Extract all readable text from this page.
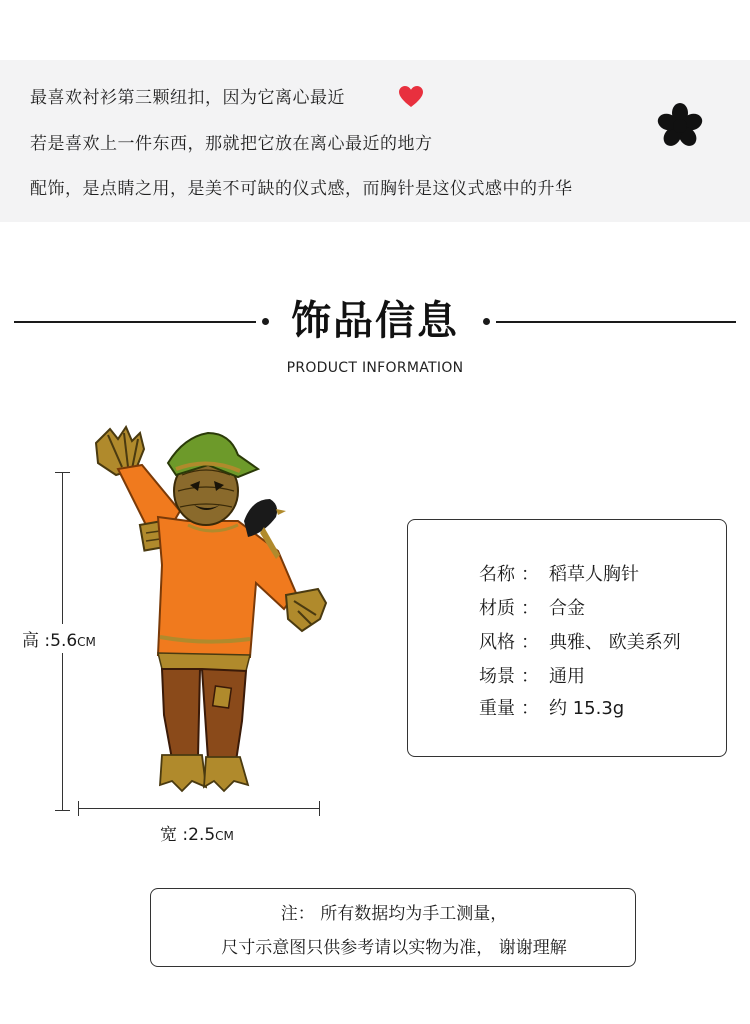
最喜欢衬衫第三颗纽扣，因为它离心最近
若是喜欢上一件东西，那就把它放在离心最近的地方
配饰，是点睛之用，是美不可缺的仪式感，而胸针是这仪式感中的升华
饰品信息
PRODUCT INFORMATION
高 :5.6CM
宽 :2.5CM
名称 ： 稻草人胸针
材质 ： 合金
风格 ： 典雅、 欧美系列
场景 ： 通用
重量 ： 约 15.3g
注： 所有数据均为手工测量，
尺寸示意图只供参考请以实物为准， 谢谢理解
